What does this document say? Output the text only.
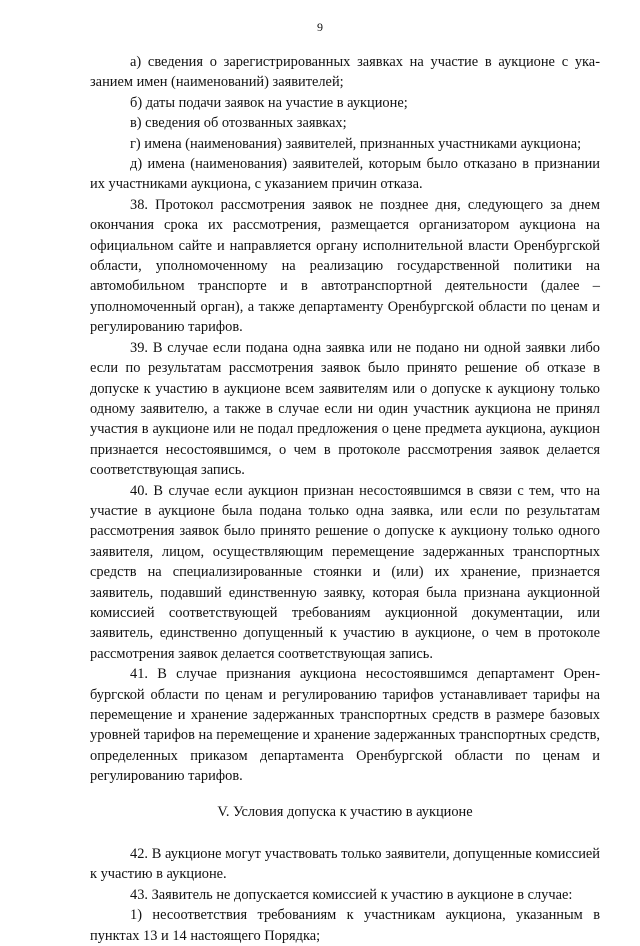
9

а) сведения о зарегистрированных заявках на участие в аукционе с указанием имен (наименований) заявителей;

б) даты подачи заявок на участие в аукционе;

в) сведения об отозванных заявках;

г) имена (наименования) заявителей, признанных участниками аукциона;

д) имена (наименования) заявителей, которым было отказано в признании их участниками аукциона, с указанием причин отказа.

38. Протокол рассмотрения заявок не позднее дня, следующего за днем окончания срока их рассмотрения, размещается организатором аукциона на официальном сайте и направляется органу исполнительной власти Оренбургской области, уполномоченному на реализацию государственной политики на автомобильном транспорте и в автотранспортной деятельности (далее – уполномоченный орган), а также департаменту Оренбургской области по ценам и регулированию тарифов.

39. В случае если подана одна заявка или не подано ни одной заявки либо если по результатам рассмотрения заявок было принято решение об отказе в допуске к участию в аукционе всем заявителям или о допуске к аукциону только одному заявителю, а также в случае если ни один участник аукциона не принял участия в аукционе или не подал предложения о цене предмета аукциона, аукцион признается несостоявшимся, о чем в протоколе рассмотрения заявок делается соответствующая запись.

40. В случае если аукцион признан несостоявшимся в связи с тем, что на участие в аукционе была подана только одна заявка, или если по результатам рассмотрения заявок было принято решение о допуске к аукциону только одного заявителя, лицом, осуществляющим перемещение задержанных транспортных средств на специализированные стоянки и (или) их хранение, признается заявитель, подавший единственную заявку, которая была признана аукционной комиссией соответствующей требованиям аукционной документации, или заявитель, единственно допущенный к участию в аукционе, о чем в протоколе рассмотрения заявок делается соответствующая запись.

41. В случае признания аукциона несостоявшимся департамент Оренбургской области по ценам и регулированию тарифов устанавливает тарифы на перемещение и хранение задержанных транспортных средств в размере базовых уровней тарифов на перемещение и хранение задержанных транспортных средств, определенных приказом департамента Оренбургской области по ценам и регулированию тарифов.

V. Условия допуска к участию в аукционе

42. В аукционе могут участвовать только заявители, допущенные комиссией к участию в аукционе.

43. Заявитель не допускается комиссией к участию в аукционе в случае:

1) несоответствия требованиям к участникам аукциона, указанным в пунктах 13 и 14 настоящего Порядка;
